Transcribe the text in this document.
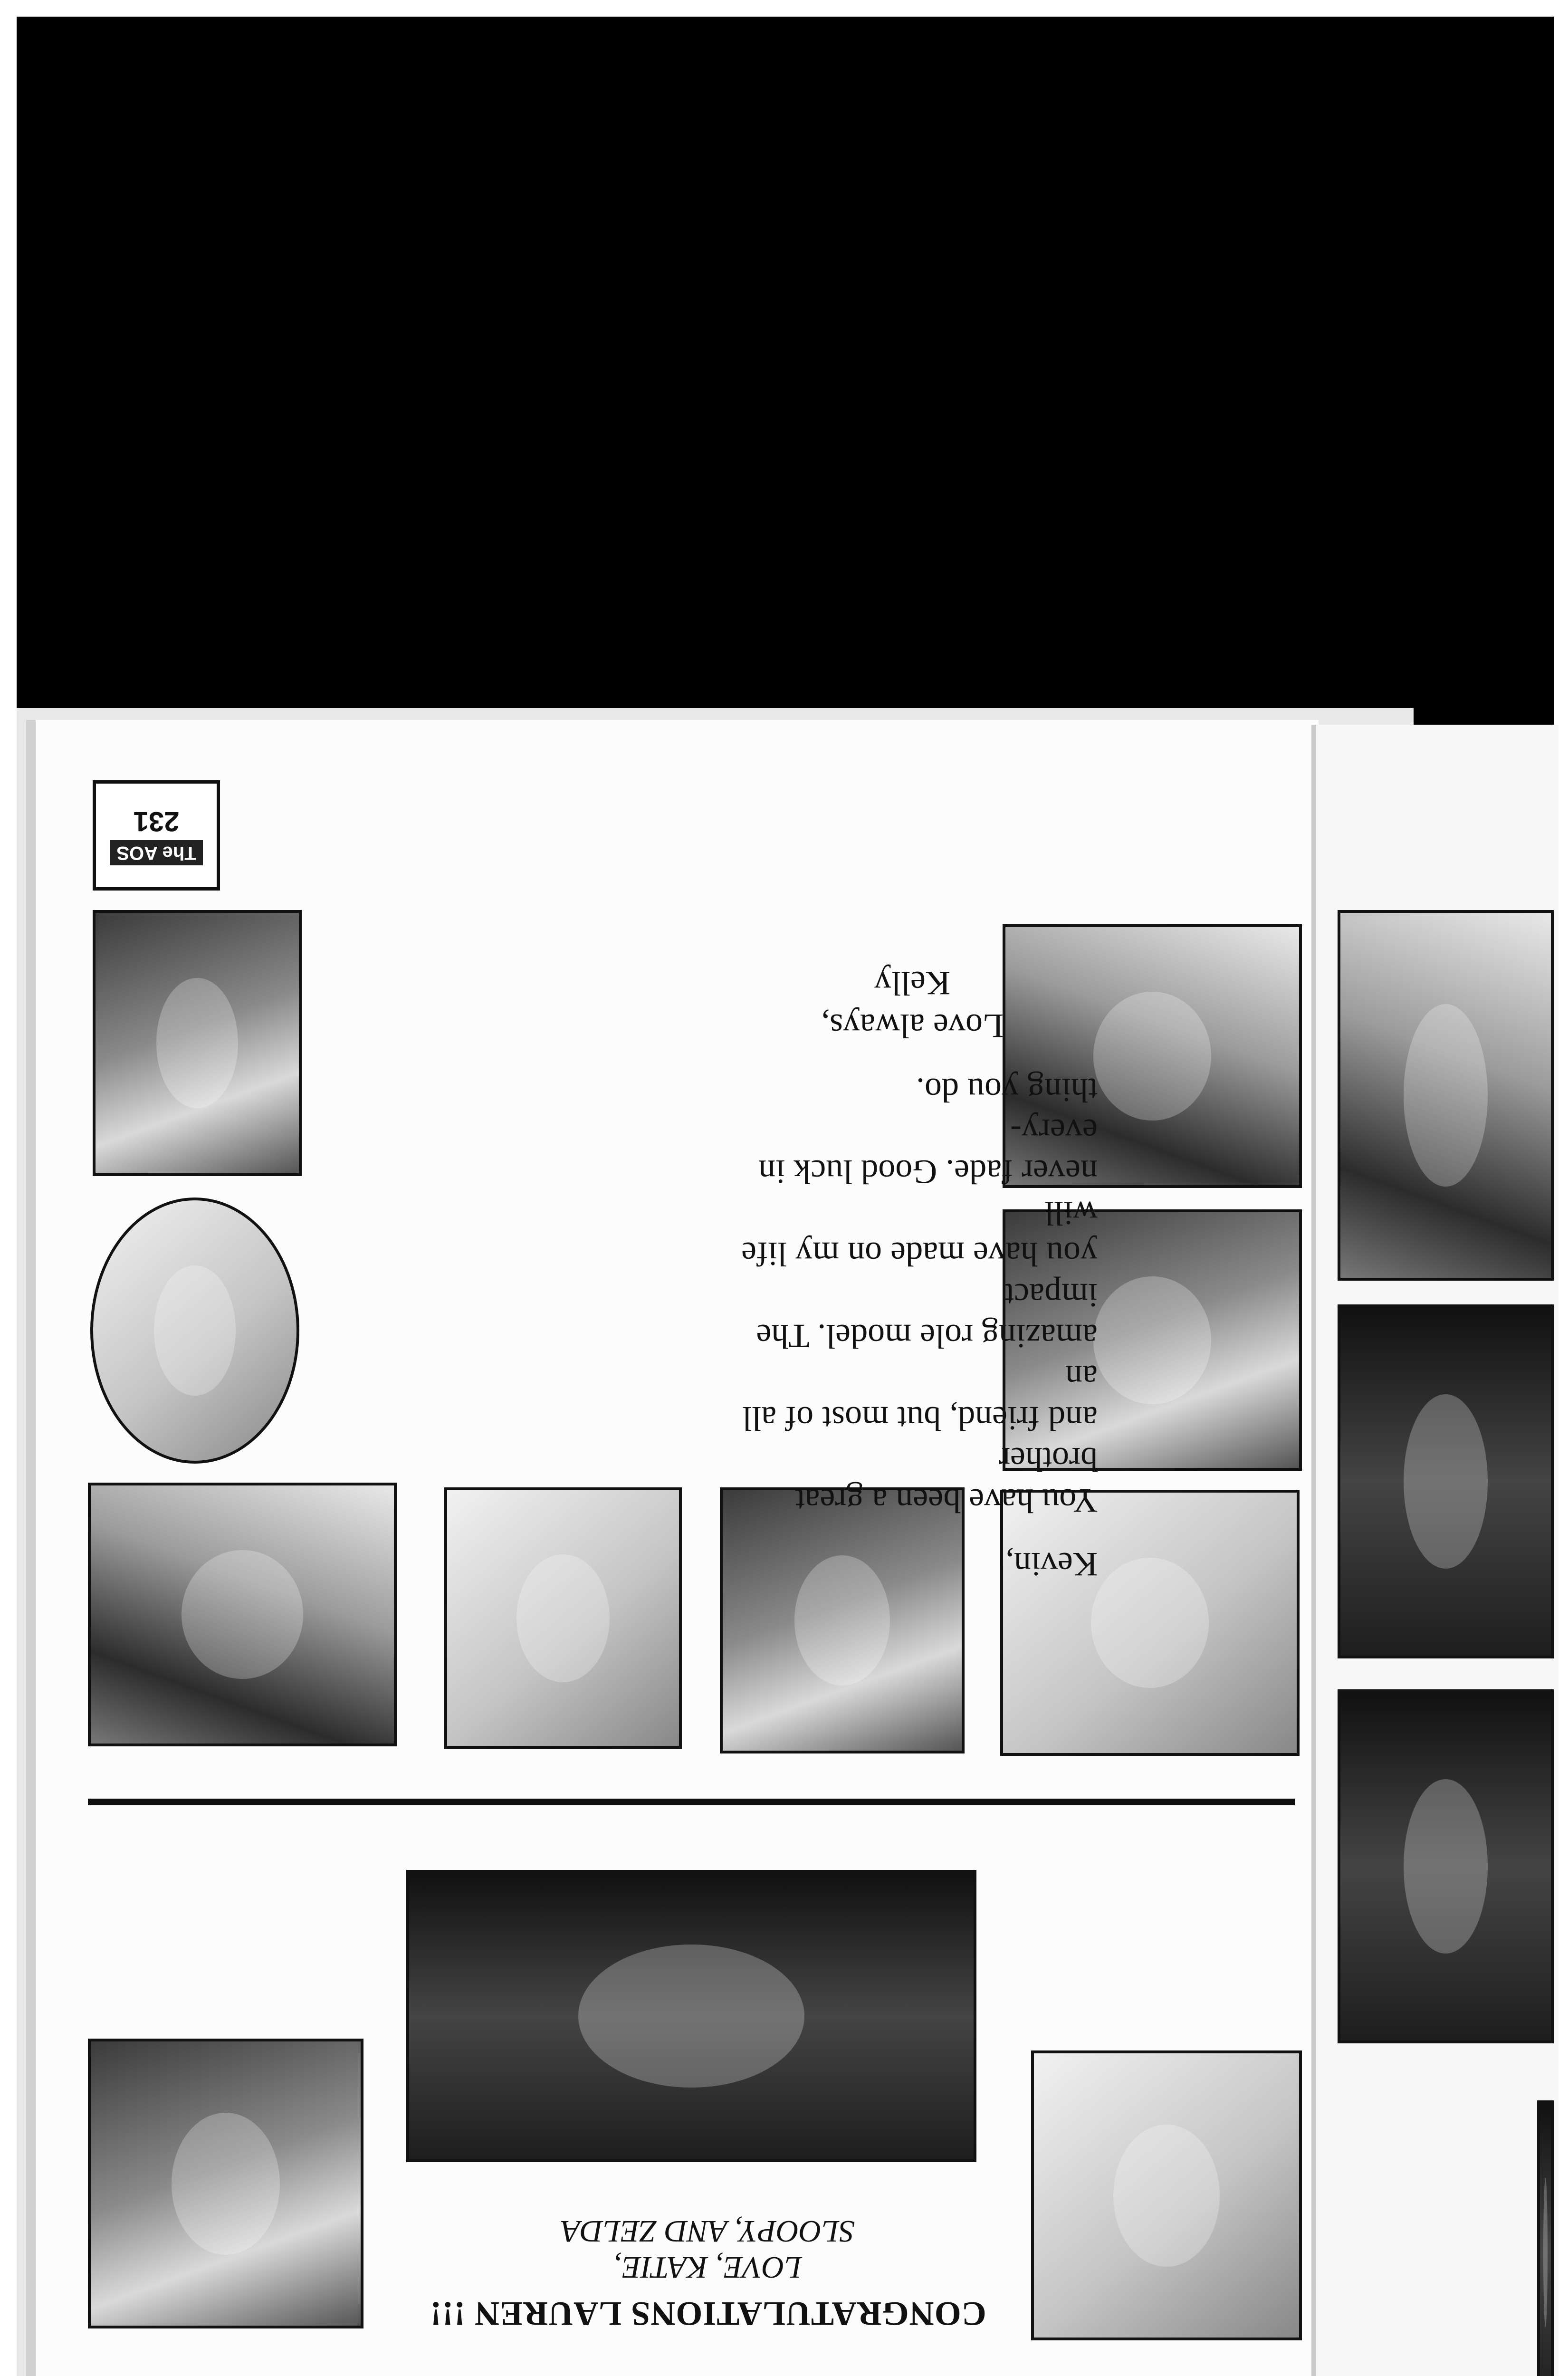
The AOS
231

Kevin,

You have been a great brother
and friend, but most of all an
amazing role model. The impact
you have made on my life will
never fade. Good luck in every-
thing you do.

Love always,
Kelly
CONGRATULATIONS LAUREN !!!
LOVE, KATIE,
SLOOPY, AND ZELDA
